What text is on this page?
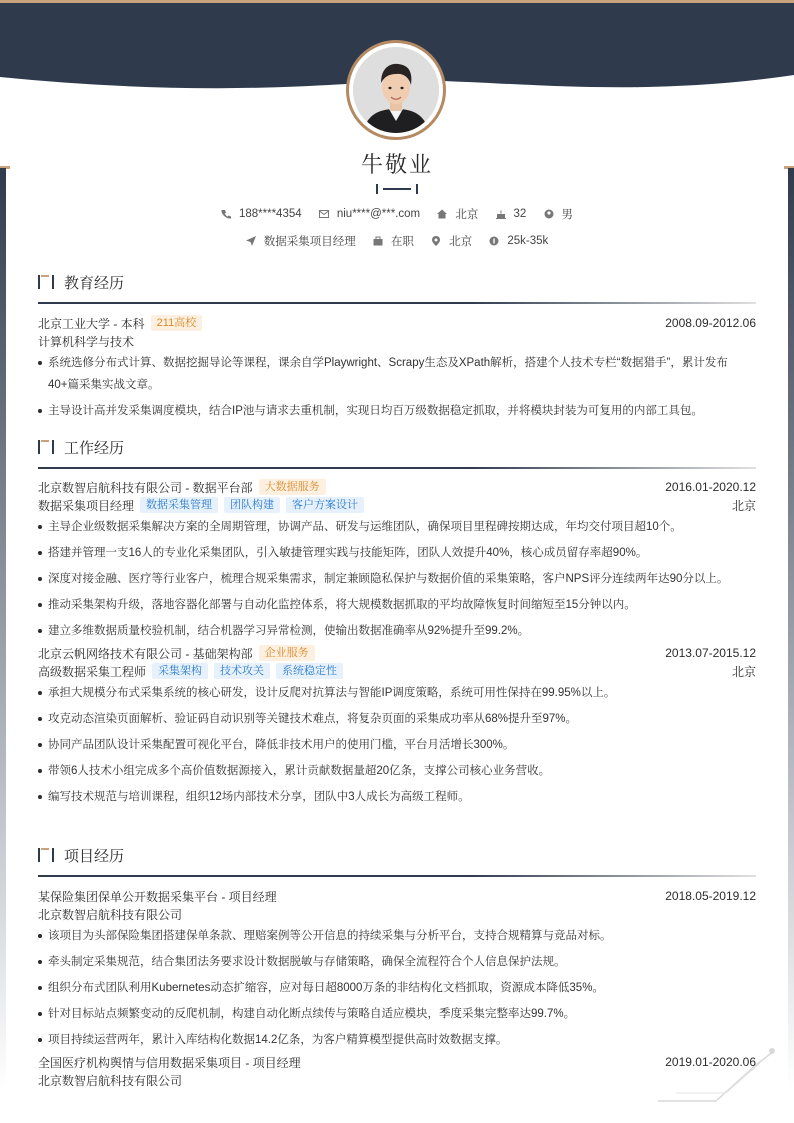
牛敬业
188****4354
	niu****@***.com
	北京
	32
	男
数据采集项目经理
	在职
	北京
	25k-35k
教育经历
北京工业大学 - 本科	211高校	2008.09-2012.06
计算机科学与技术
系统选修分布式计算、数据挖掘导论等课程，课余自学Playwright、Scrapy生态及XPath解析，搭建个人技术专栏“数据猎手”，累计发布40+篇采集实战文章。
主导设计高并发采集调度模块，结合IP池与请求去重机制，实现日均百万级数据稳定抓取，并将模块封装为可复用的内部工具包。
工作经历
北京数智启航科技有限公司 - 数据平台部	大数据服务	2016.01-2020.12
数据采集项目经理	数据采集管理	团队构建	客户方案设计	北京
主导企业级数据采集解决方案的全周期管理，协调产品、研发与运维团队，确保项目里程碑按期达成，年均交付项目超10个。
搭建并管理一支16人的专业化采集团队，引入敏捷管理实践与技能矩阵，团队人效提升40%，核心成员留存率超90%。
深度对接金融、医疗等行业客户，梳理合规采集需求，制定兼顾隐私保护与数据价值的采集策略，客户NPS评分连续两年达90分以上。
推动采集架构升级，落地容器化部署与自动化监控体系，将大规模数据抓取的平均故障恢复时间缩短至15分钟以内。
建立多维数据质量校验机制，结合机器学习异常检测，使输出数据准确率从92%提升至99.2%。
北京云帆网络技术有限公司 - 基础架构部	企业服务	2013.07-2015.12
高级数据采集工程师	采集架构	技术攻关	系统稳定性	北京
承担大规模分布式采集系统的核心研发，设计反爬对抗算法与智能IP调度策略，系统可用性保持在99.95%以上。
攻克动态渲染页面解析、验证码自动识别等关键技术难点，将复杂页面的采集成功率从68%提升至97%。
协同产品团队设计采集配置可视化平台，降低非技术用户的使用门槛，平台月活增长300%。
带领6人技术小组完成多个高价值数据源接入，累计贡献数据量超20亿条，支撑公司核心业务营收。
编写技术规范与培训课程，组织12场内部技术分享，团队中3人成长为高级工程师。
项目经历
某保险集团保单公开数据采集平台 - 项目经理	2018.05-2019.12
北京数智启航科技有限公司
该项目为头部保险集团搭建保单条款、理赔案例等公开信息的持续采集与分析平台，支持合规精算与竞品对标。
牵头制定采集规范，结合集团法务要求设计数据脱敏与存储策略，确保全流程符合个人信息保护法规。
组织分布式团队利用Kubernetes动态扩缩容，应对每日超8000万条的非结构化文档抓取，资源成本降低35%。
针对目标站点频繁变动的反爬机制，构建自动化断点续传与策略自适应模块，季度采集完整率达99.7%。
项目持续运营两年，累计入库结构化数据14.2亿条，为客户精算模型提供高时效数据支撑。
全国医疗机构舆情与信用数据采集项目 - 项目经理	2019.01-2020.06
北京数智启航科技有限公司
